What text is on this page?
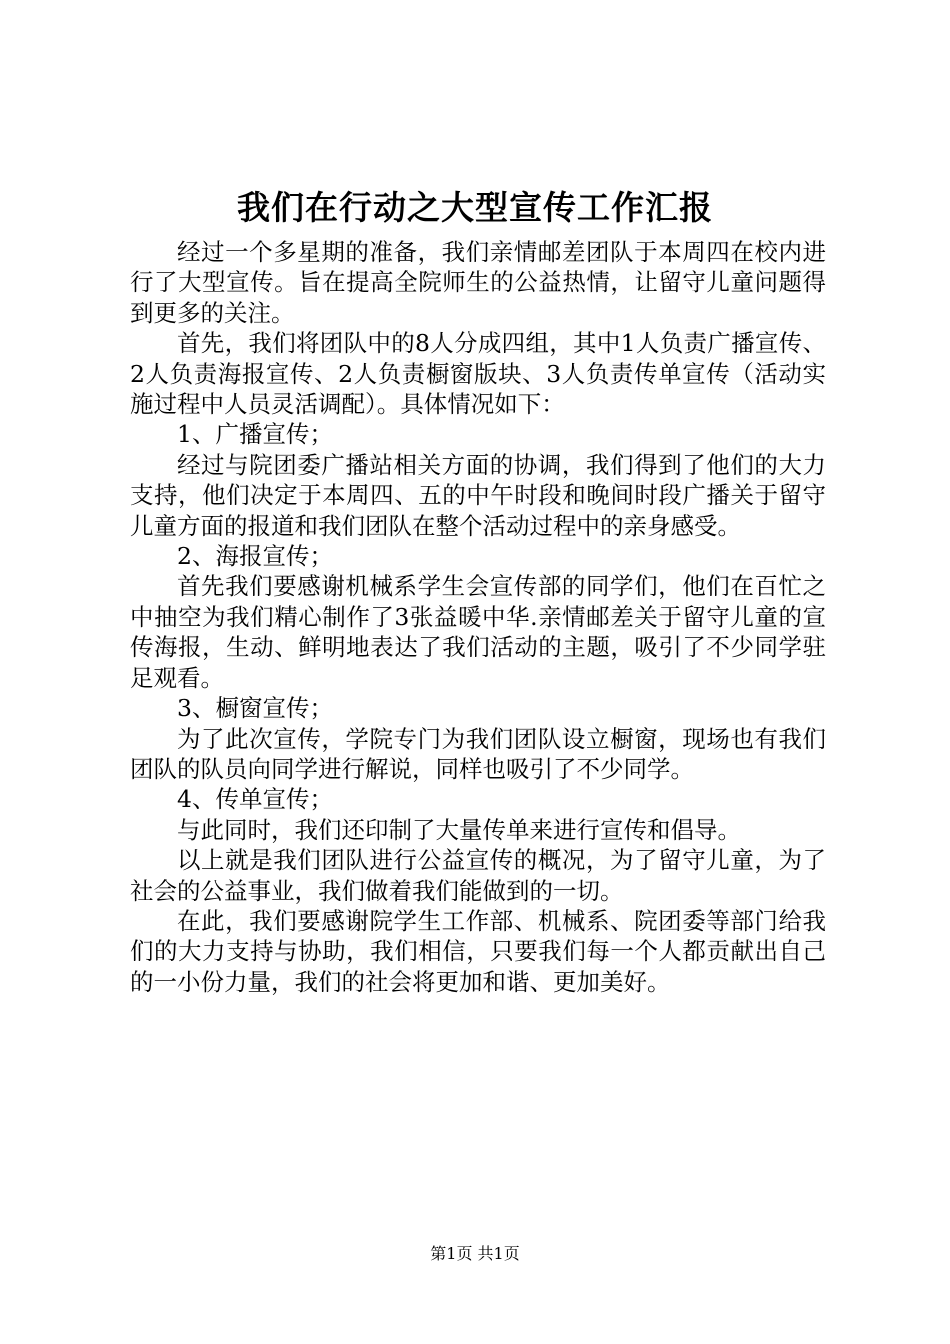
我们在行动之大型宣传工作汇报

经过一个多星期的准备，我们亲情邮差团队于本周四在校内进行了大型宣传。旨在提高全院师生的公益热情，让留守儿童问题得到更多的关注。

首先，我们将团队中的8人分成四组，其中1人负责广播宣传、2人负责海报宣传、2人负责橱窗版块、3人负责传单宣传（活动实施过程中人员灵活调配）。具体情况如下：

1、广播宣传；

经过与院团委广播站相关方面的协调，我们得到了他们的大力支持，他们决定于本周四、五的中午时段和晚间时段广播关于留守儿童方面的报道和我们团队在整个活动过程中的亲身感受。

2、海报宣传；

首先我们要感谢机械系学生会宣传部的同学们，他们在百忙之中抽空为我们精心制作了3张益暖中华.亲情邮差关于留守儿童的宣传海报，生动、鲜明地表达了我们活动的主题，吸引了不少同学驻足观看。

3、橱窗宣传；

为了此次宣传，学院专门为我们团队设立橱窗，现场也有我们团队的队员向同学进行解说，同样也吸引了不少同学。

4、传单宣传；

与此同时，我们还印制了大量传单来进行宣传和倡导。

以上就是我们团队进行公益宣传的概况，为了留守儿童，为了社会的公益事业，我们做着我们能做到的一切。

在此，我们要感谢院学生工作部、机械系、院团委等部门给我们的大力支持与协助，我们相信，只要我们每一个人都贡献出自己的一小份力量，我们的社会将更加和谐、更加美好。

第1页 共1页
